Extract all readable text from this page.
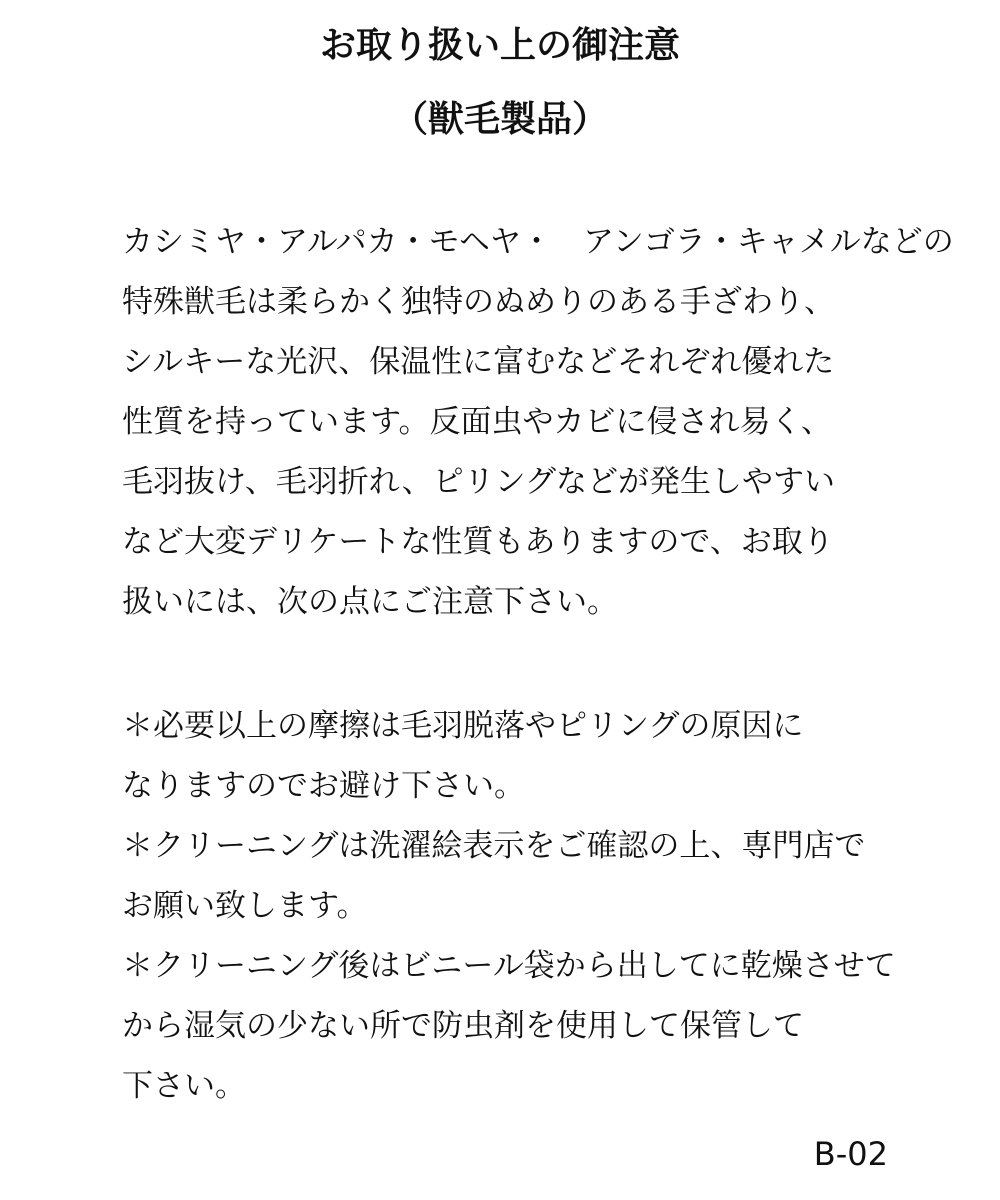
お取り扱い上の御注意
（獣毛製品）

カシミヤ・アルパカ・モヘヤ・　アンゴラ・キャメルなどの

特殊獣毛は柔らかく独特のぬめりのある手ざわり、

シルキーな光沢、保温性に富むなどそれぞれ優れた

性質を持っています。反面虫やカビに侵され易く、

毛羽抜け、毛羽折れ、ピリングなどが発生しやすい

など大変デリケートな性質もありますので、お取り

扱いには、次の点にご注意下さい。

＊必要以上の摩擦は毛羽脱落やピリングの原因に

なりますのでお避け下さい。

＊クリーニングは洗濯絵表示をご確認の上、専門店で

お願い致します。

＊クリーニング後はビニール袋から出してに乾燥させて

から湿気の少ない所で防虫剤を使用して保管して

下さい。

B-02
